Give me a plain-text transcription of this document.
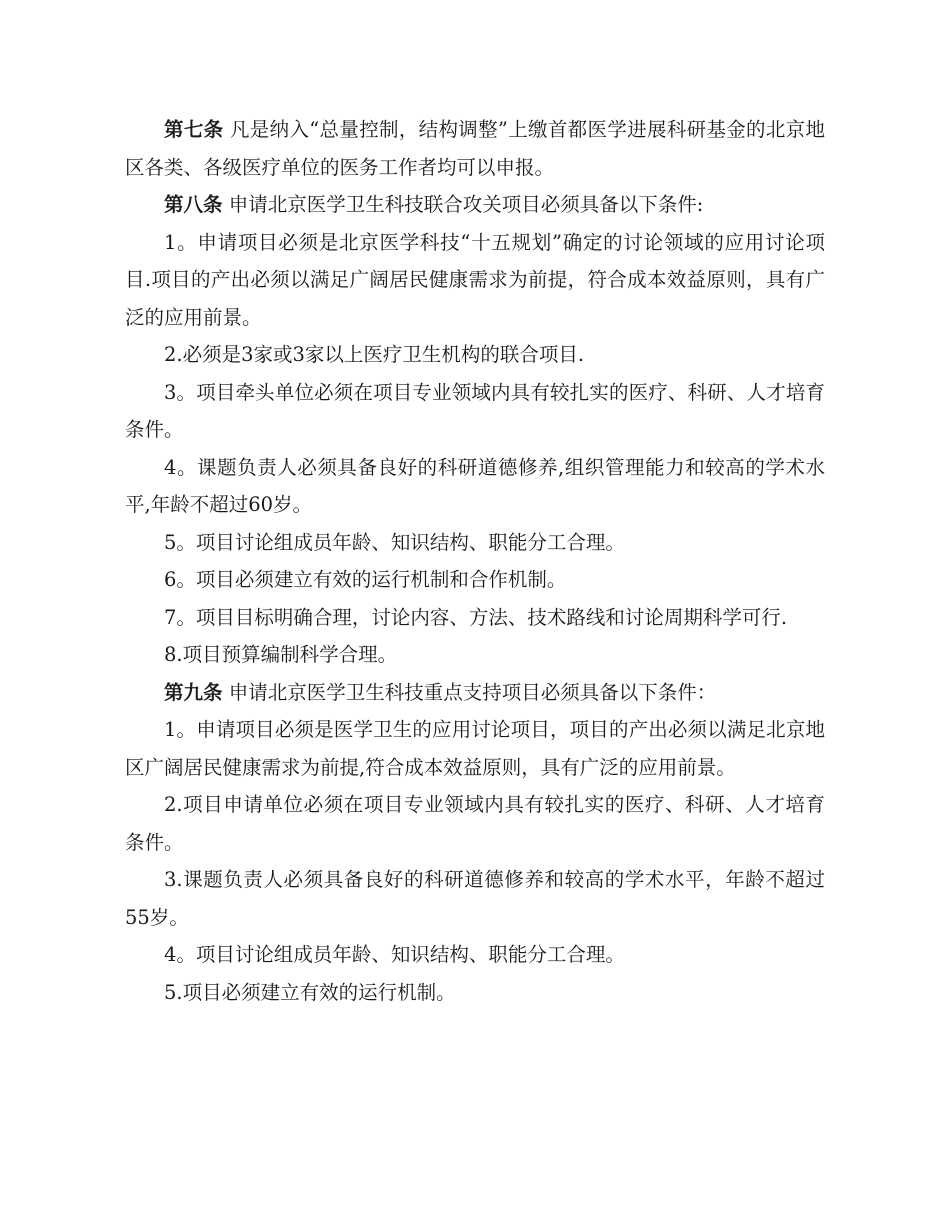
第七条 凡是纳入“总量控制，结构调整”上缴首都医学进展科研基金的北京地区各类、各级医疗单位的医务工作者均可以申报。

第八条 申请北京医学卫生科技联合攻关项目必须具备以下条件:

1。申请项目必须是北京医学科技“十五规划”确定的讨论领域的应用讨论项目.项目的产出必须以满足广阔居民健康需求为前提，符合成本效益原则，具有广泛的应用前景。

2.必须是3家或3家以上医疗卫生机构的联合项目.

3。项目牵头单位必须在项目专业领域内具有较扎实的医疗、科研、人才培育条件。

4。课题负责人必须具备良好的科研道德修养,组织管理能力和较高的学术水平,年龄不超过60岁。

5。项目讨论组成员年龄、知识结构、职能分工合理。

6。项目必须建立有效的运行机制和合作机制。

7。项目目标明确合理，讨论内容、方法、技术路线和讨论周期科学可行.

8.项目预算编制科学合理。

第九条 申请北京医学卫生科技重点支持项目必须具备以下条件：

1。申请项目必须是医学卫生的应用讨论项目，项目的产出必须以满足北京地区广阔居民健康需求为前提,符合成本效益原则，具有广泛的应用前景。

2.项目申请单位必须在项目专业领域内具有较扎实的医疗、科研、人才培育条件。

3.课题负责人必须具备良好的科研道德修养和较高的学术水平，年龄不超过55岁。

4。项目讨论组成员年龄、知识结构、职能分工合理。

5.项目必须建立有效的运行机制。
